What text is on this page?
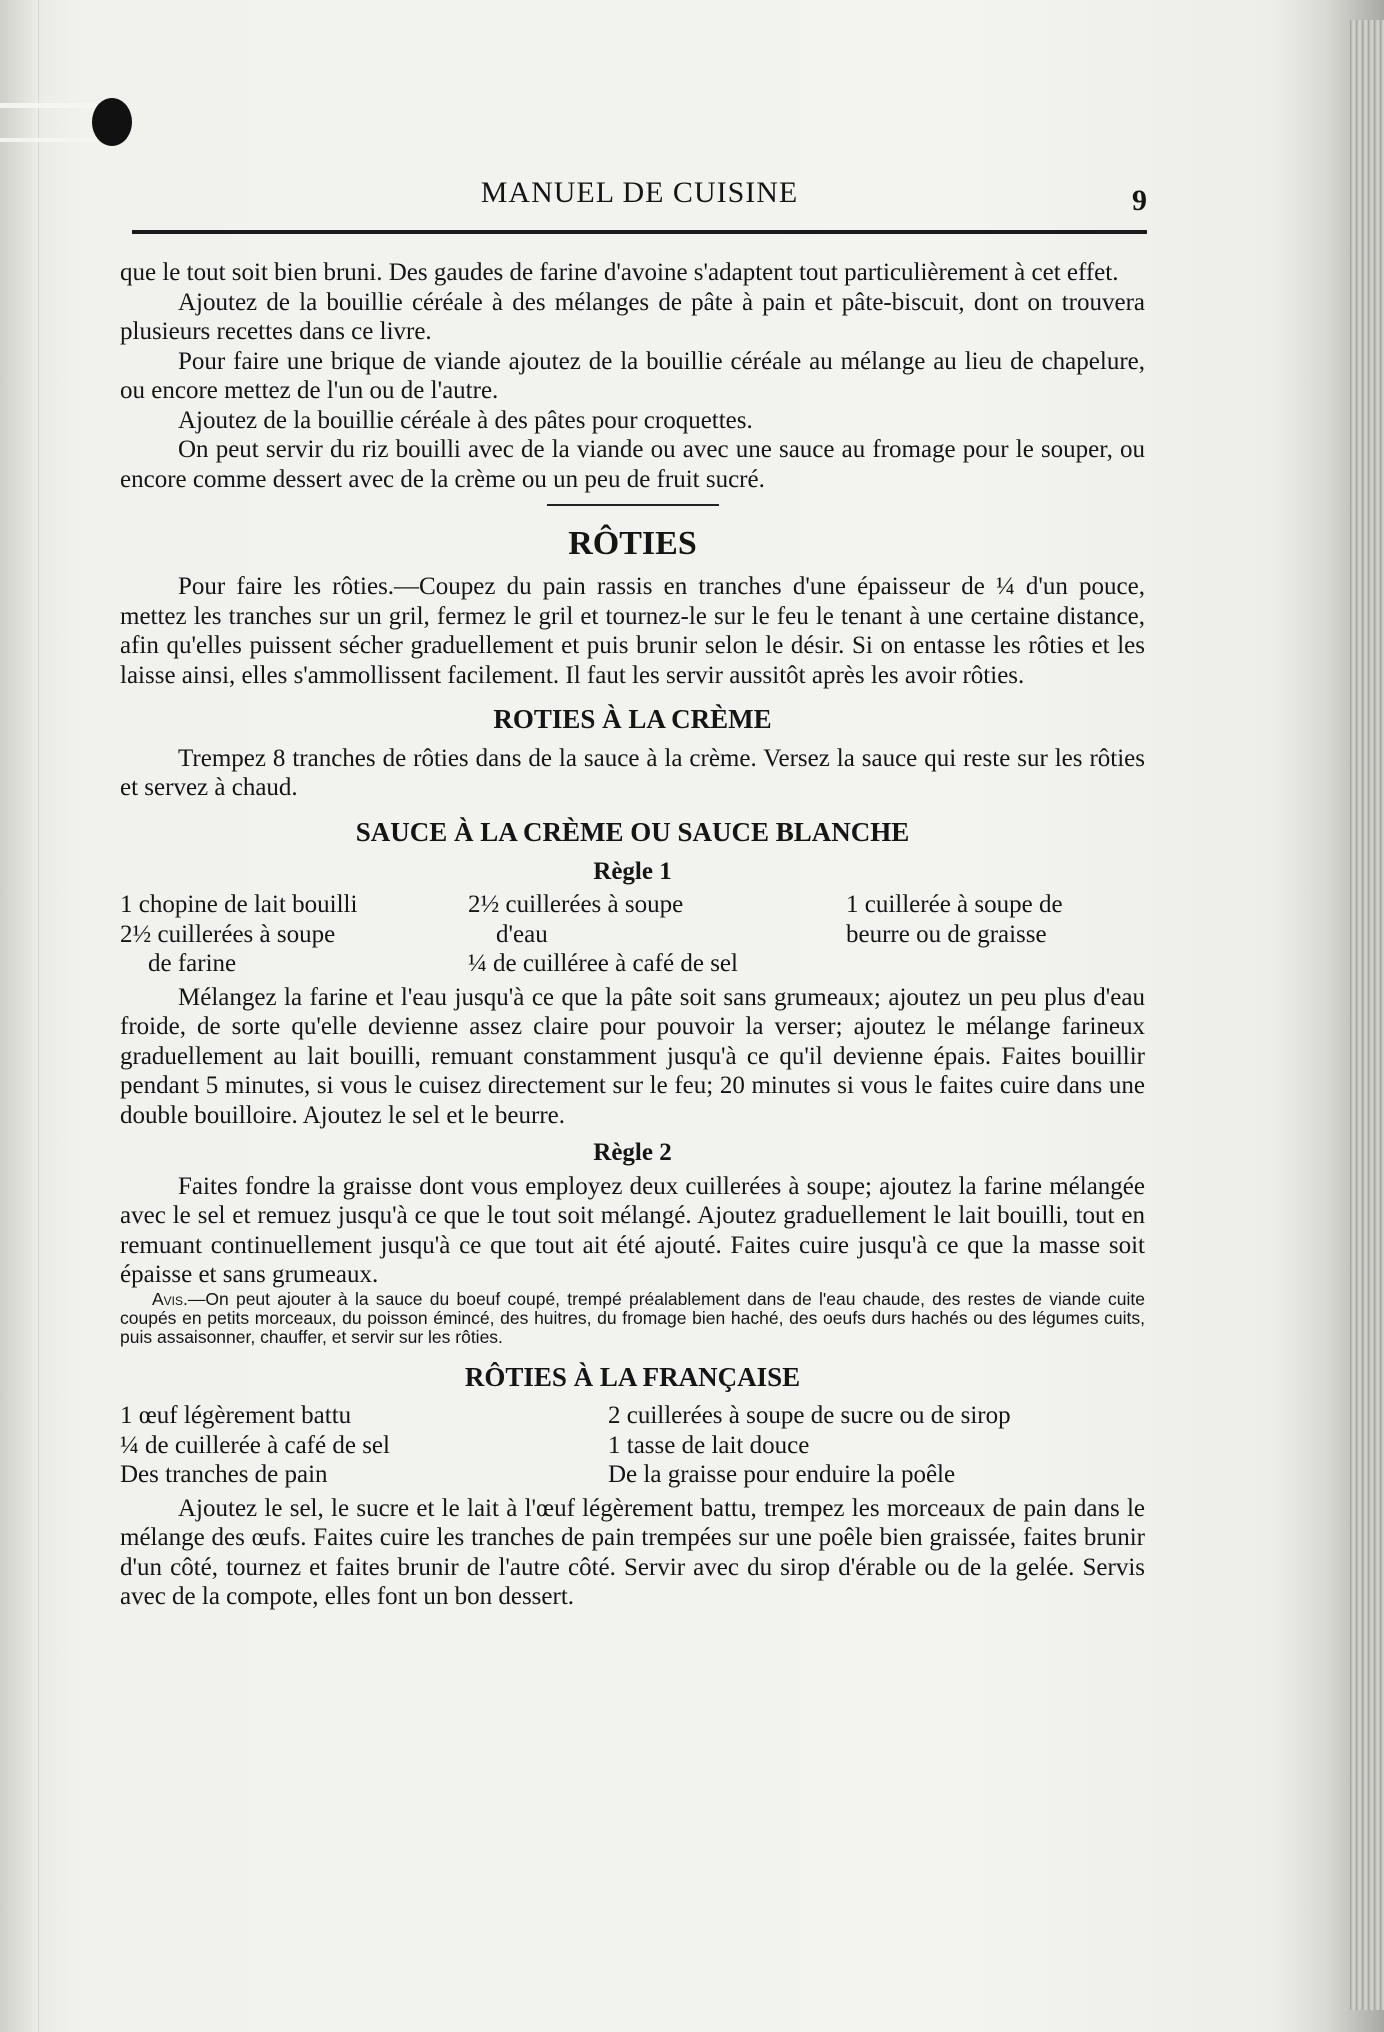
MANUEL DE CUISINE	9

que le tout soit bien bruni. Des gaudes de farine d'avoine s'adaptent tout particulièrement à cet effet.

Ajoutez de la bouillie céréale à des mélanges de pâte à pain et pâte-biscuit, dont on trouvera plusieurs recettes dans ce livre.

Pour faire une brique de viande ajoutez de la bouillie céréale au mélange au lieu de chapelure, ou encore mettez de l'un ou de l'autre.

Ajoutez de la bouillie céréale à des pâtes pour croquettes.

On peut servir du riz bouilli avec de la viande ou avec une sauce au fromage pour le souper, ou encore comme dessert avec de la crème ou un peu de fruit sucré.

RÔTIES

Pour faire les rôties.—Coupez du pain rassis en tranches d'une épaisseur de ¼ d'un pouce, mettez les tranches sur un gril, fermez le gril et tournez-le sur le feu le tenant à une certaine distance, afin qu'elles puissent sécher graduellement et puis brunir selon le désir. Si on entasse les rôties et les laisse ainsi, elles s'ammollissent facilement. Il faut les servir aussitôt après les avoir rôties.

ROTIES À LA CRÈME

Trempez 8 tranches de rôties dans de la sauce à la crème. Versez la sauce qui reste sur les rôties et servez à chaud.

SAUCE À LA CRÈME OU SAUCE BLANCHE
Règle 1
1 chopine de lait bouilli	2½ cuillerées à soupe	1 cuillerée à soupe de
2½ cuillerées à soupe	d'eau	beurre ou de graisse
de farine	¼ de cuilléree à café de sel

Mélangez la farine et l'eau jusqu'à ce que la pâte soit sans grumeaux; ajoutez un peu plus d'eau froide, de sorte qu'elle devienne assez claire pour pouvoir la verser; ajoutez le mélange farineux graduellement au lait bouilli, remuant constamment jusqu'à ce qu'il devienne épais. Faites bouillir pendant 5 minutes, si vous le cuisez directement sur le feu; 20 minutes si vous le faites cuire dans une double bouilloire. Ajoutez le sel et le beurre.

Règle 2

Faites fondre la graisse dont vous employez deux cuillerées à soupe; ajoutez la farine mélangée avec le sel et remuez jusqu'à ce que le tout soit mélangé. Ajoutez graduellement le lait bouilli, tout en remuant continuellement jusqu'à ce que tout ait été ajouté. Faites cuire jusqu'à ce que la masse soit épaisse et sans grumeaux.

Avis.—On peut ajouter à la sauce du boeuf coupé, trempé préalablement dans de l'eau chaude, des restes de viande cuite coupés en petits morceaux, du poisson émincé, des huitres, du fromage bien haché, des oeufs durs hachés ou des légumes cuits, puis assaisonner, chauffer, et servir sur les rôties.

RÔTIES À LA FRANÇAISE
1 œuf légèrement battu	2 cuillerées à soupe de sucre ou de sirop
¼ de cuillerée à café de sel	1 tasse de lait douce
Des tranches de pain	De la graisse pour enduire la poêle

Ajoutez le sel, le sucre et le lait à l'œuf légèrement battu, trempez les morceaux de pain dans le mélange des œufs. Faites cuire les tranches de pain trempées sur une poêle bien graissée, faites brunir d'un côté, tournez et faites brunir de l'autre côté. Servir avec du sirop d'érable ou de la gelée. Servis avec de la compote, elles font un bon dessert.
